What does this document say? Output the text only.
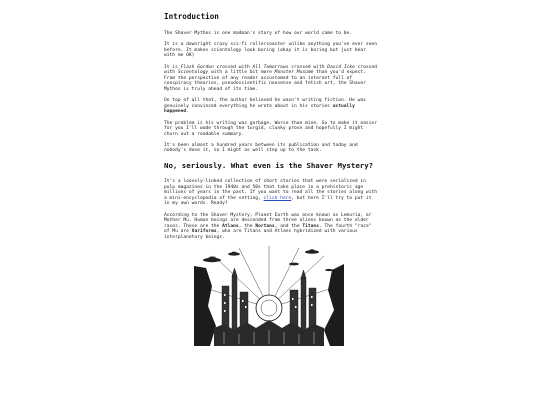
Introduction

The Shaver Mythos is one madman's story of how our world came to be.

It is a downright crazy sci-fi rollercoaster unlike anything you've ever seen before. It makes scientology look boring (okay it is boring but just bear with me OK)

It is Flash Gordon crossed with All Tomorrows crossed with David Icke crossed with Scientology with a little bit more Monster Musume than you'd expect. From the perspective of any reader accustomed to an internet full of conspiracy theories, pseudoscientific nonsense and fetish art, the Shaver Mythos is truly ahead of its time.

On top of all that, the author believed he wasn't writing fiction. He was genuinely convinced everything he wrote about in his stories actually happened.

The problem is his writing was garbage. Worse than mine. So to make it easier for you I'll wade through the turgid, clunky prose and hopefully I might churn out a readable summary.

It's been almost a hundred years between its publication and today and nobody's done it, so I might as well step up to the task.

No, seriously. What even is the Shaver Mystery?

It's a loosely-linked collection of short stories that were serialized in pulp magazines in the 1940s and 50s that take place in a prehistoric age millions of years in the past. If you want to read all the stories along with a mini-encyclopedia of the setting, click here, but here I'll try to put it in my own words. Ready?

According to the Shaver Mystery, Planet Earth was once known as Lemuria, or Mother Mu. Human beings are descended from three aliens known as the elder races. These are the Atlans, the Nortans, and the Titans. The fourth "race" of Mu are Variforms, who are Titans and Atlans hybridized with various interplanetary beings.
